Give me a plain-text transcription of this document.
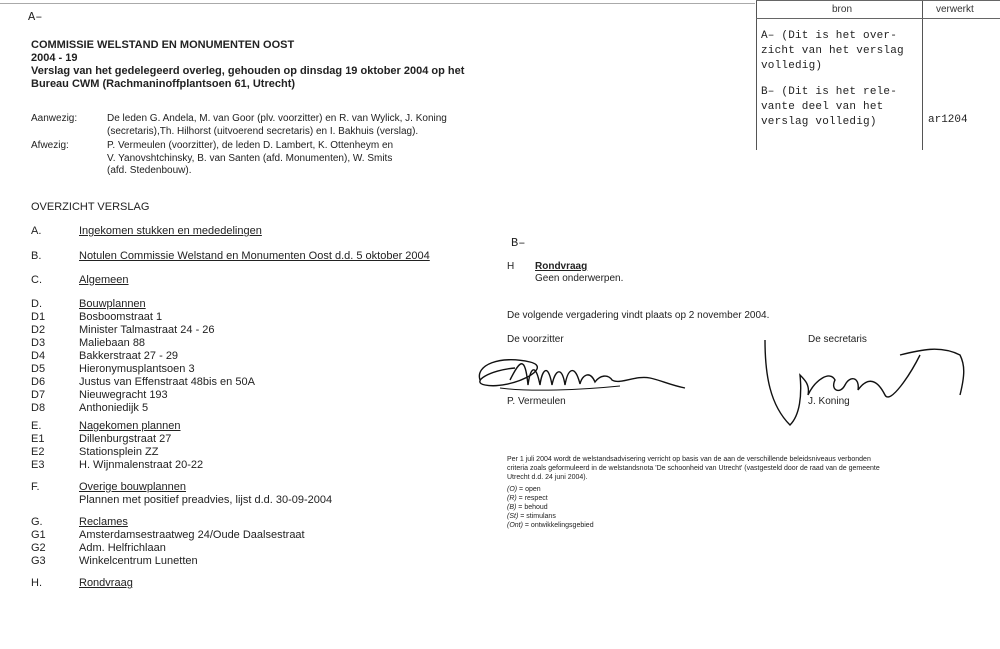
A–
COMMISSIE WELSTAND EN MONUMENTEN OOST
2004 - 19
Verslag van het gedelegeerd overleg, gehouden op dinsdag 19 oktober 2004 op het
Bureau CWM (Rachmaninoffplantsoen 61, Utrecht)
Aanwezig:	De leden G. Andela, M. van Goor (plv. voorzitter) en R. van Wylick, J. Koning
(secretaris),Th. Hilhorst (uitvoerend secretaris) en I. Bakhuis (verslag).
Afwezig:	P. Vermeulen (voorzitter), de leden D. Lambert, K. Ottenheym en
V. Yanovshtchinsky, B. van Santen (afd. Monumenten), W. Smits
(afd. Stedenbouw).
OVERZICHT VERSLAG
A.	Ingekomen stukken en mededelingen
B.	Notulen Commissie Welstand en Monumenten Oost d.d. 5 oktober 2004
C.	Algemeen
D.	Bouwplannen
D1	Bosboomstraat 1
D2	Minister Talmastraat 24 - 26
D3	Maliebaan 88
D4	Bakkerstraat 27 - 29
D5	Hieronymusplantsoen 3
D6	Justus van Effenstraat 48bis en 50A
D7	Nieuwegracht 193
D8	Anthoniedijk 5
E.	Nagekomen plannen
E1	Dillenburgstraat 27
E2	Stationsplein ZZ
E3	H. Wijnmalenstraat 20-22
F.	Overige bouwplannen
Plannen met positief preadvies, lijst d.d. 30-09-2004
G.	Reclames
G1	Amsterdamsestraatweg 24/Oude Daalsestraat
G2	Adm. Helfrichlaan
G3	Winkelcentrum Lunetten
H.	Rondvraag
bron	verwerkt
A– (Dit is het over-
zicht van het verslag
volledig)
B– (Dit is het rele-
vante deel van het
verslag volledig)	ar1204
B–
H Rondvraag
Geen onderwerpen.
De volgende vergadering vindt plaats op 2 november 2004.
De voorzitter	De secretaris
P. Vermeulen	J. Koning
Per 1 juli 2004 wordt de welstandsadvisering verricht op basis van de aan de verschillende beleidsniveaus verbonden
criteria zoals geformuleerd in de welstandsnota 'De schoonheid van Utrecht' (vastgesteld door de raad van de gemeente
Utrecht d.d. 24 juni 2004).
(O) = open
(R) = respect
(B) = behoud
(St) = stimulans
(Ont) = ontwikkelingsgebied
